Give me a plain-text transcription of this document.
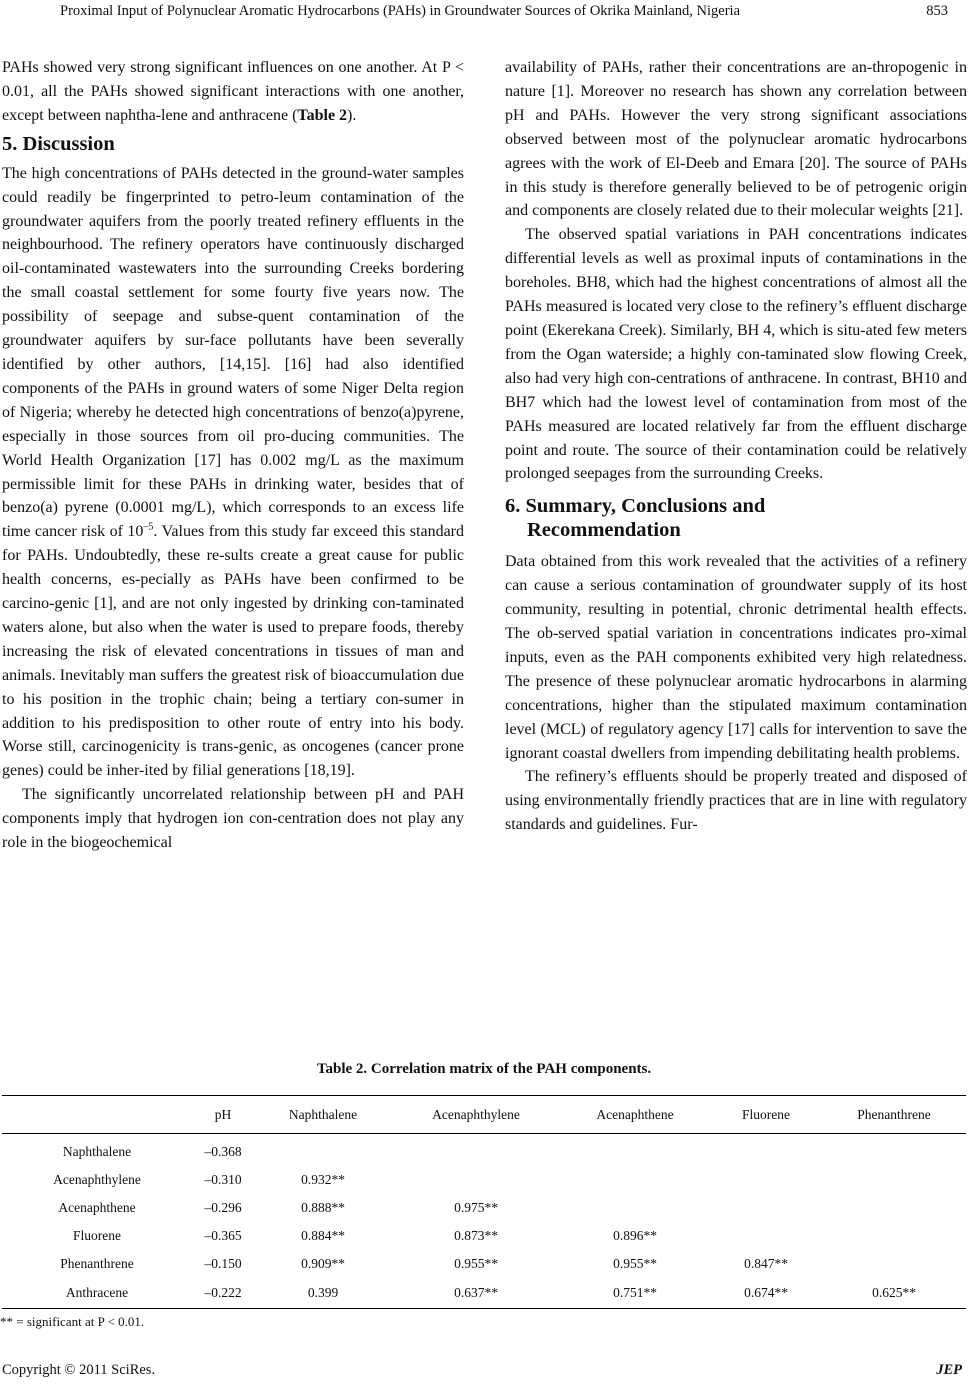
Proximal Input of Polynuclear Aromatic Hydrocarbons (PAHs) in Groundwater Sources of Okrika Mainland, Nigeria	853

PAHs showed very strong significant influences on one another. At P < 0.01, all the PAHs showed significant interactions with one another, except between naphtha-lene and anthracene (Table 2).

5. Discussion

The high concentrations of PAHs detected in the ground-water samples could readily be fingerprinted to petro-leum contamination of the groundwater aquifers from the poorly treated refinery effluents in the neighbourhood. The refinery operators have continuously discharged oil-contaminated wastewaters into the surrounding Creeks bordering the small coastal settlement for some fourty five years now. The possibility of seepage and subse-quent contamination of the groundwater aquifers by sur-face pollutants have been severally identified by other authors, [14,15]. [16] had also identified components of the PAHs in ground waters of some Niger Delta region of Nigeria; whereby he detected high concentrations of benzo(a)pyrene, especially in those sources from oil pro-ducing communities. The World Health Organization [17] has 0.002 mg/L as the maximum permissible limit for these PAHs in drinking water, besides that of benzo(a) pyrene (0.0001 mg/L), which corresponds to an excess life time cancer risk of $10^{-5}$. Values from this study far exceed this standard for PAHs. Undoubtedly, these re-sults create a great cause for public health concerns, es-pecially as PAHs have been confirmed to be carcino-genic [1], and are not only ingested by drinking con-taminated waters alone, but also when the water is used to prepare foods, thereby increasing the risk of elevated concentrations in tissues of man and animals. Inevitably man suffers the greatest risk of bioaccumulation due to his position in the trophic chain; being a tertiary con-sumer in addition to his predisposition to other route of entry into his body. Worse still, carcinogenicity is trans-genic, as oncogenes (cancer prone genes) could be inher-ited by filial generations [18,19].

The significantly uncorrelated relationship between pH and PAH components imply that hydrogen ion con-centration does not play any role in the biogeochemical

availability of PAHs, rather their concentrations are an-thropogenic in nature [1]. Moreover no research has shown any correlation between pH and PAHs. However the very strong significant associations observed between most of the polynuclear aromatic hydrocarbons agrees with the work of El-Deeb and Emara [20]. The source of PAHs in this study is therefore generally believed to be of petrogenic origin and components are closely related due to their molecular weights [21].

The observed spatial variations in PAH concentrations indicates differential levels as well as proximal inputs of contaminations in the boreholes. BH8, which had the highest concentrations of almost all the PAHs measured is located very close to the refinery’s effluent discharge point (Ekerekana Creek). Similarly, BH 4, which is situ-ated few meters from the Ogan waterside; a highly con-taminated slow flowing Creek, also had very high con-centrations of anthracene. In contrast, BH10 and BH7 which had the lowest level of contamination from most of the PAHs measured are located relatively far from the effluent discharge point and route. The source of their contamination could be relatively prolonged seepages from the surrounding Creeks.

6. Summary, Conclusions and
Recommendation

Data obtained from this work revealed that the activities of a refinery can cause a serious contamination of groundwater supply of its host community, resulting in potential, chronic detrimental health effects. The ob-served spatial variation in concentrations indicates pro-ximal inputs, even as the PAH components exhibited very high relatedness. The presence of these polynuclear aromatic hydrocarbons in alarming concentrations, higher than the stipulated maximum contamination level (MCL) of regulatory agency [17] calls for intervention to save the ignorant coastal dwellers from impending debilitating health problems.

The refinery’s effluents should be properly treated and disposed of using environmentally friendly practices that are in line with regulatory standards and guidelines. Fur-

Table 2. Correlation matrix of the PAH components.

	pH	Naphthalene	Acenaphthylene	Acenaphthene	Fluorene	Phenanthrene
Naphthalene	–0.368					
Acenaphthylene	–0.310	0.932**				
Acenaphthene	–0.296	0.888**	0.975**			
Fluorene	–0.365	0.884**	0.873**	0.896**		
Phenanthrene	–0.150	0.909**	0.955**	0.955**	0.847**	
Anthracene	–0.222	0.399	0.637**	0.751**	0.674**	0.625**
** = significant at P < 0.01.
Copyright © 2011 SciRes.	JEP
